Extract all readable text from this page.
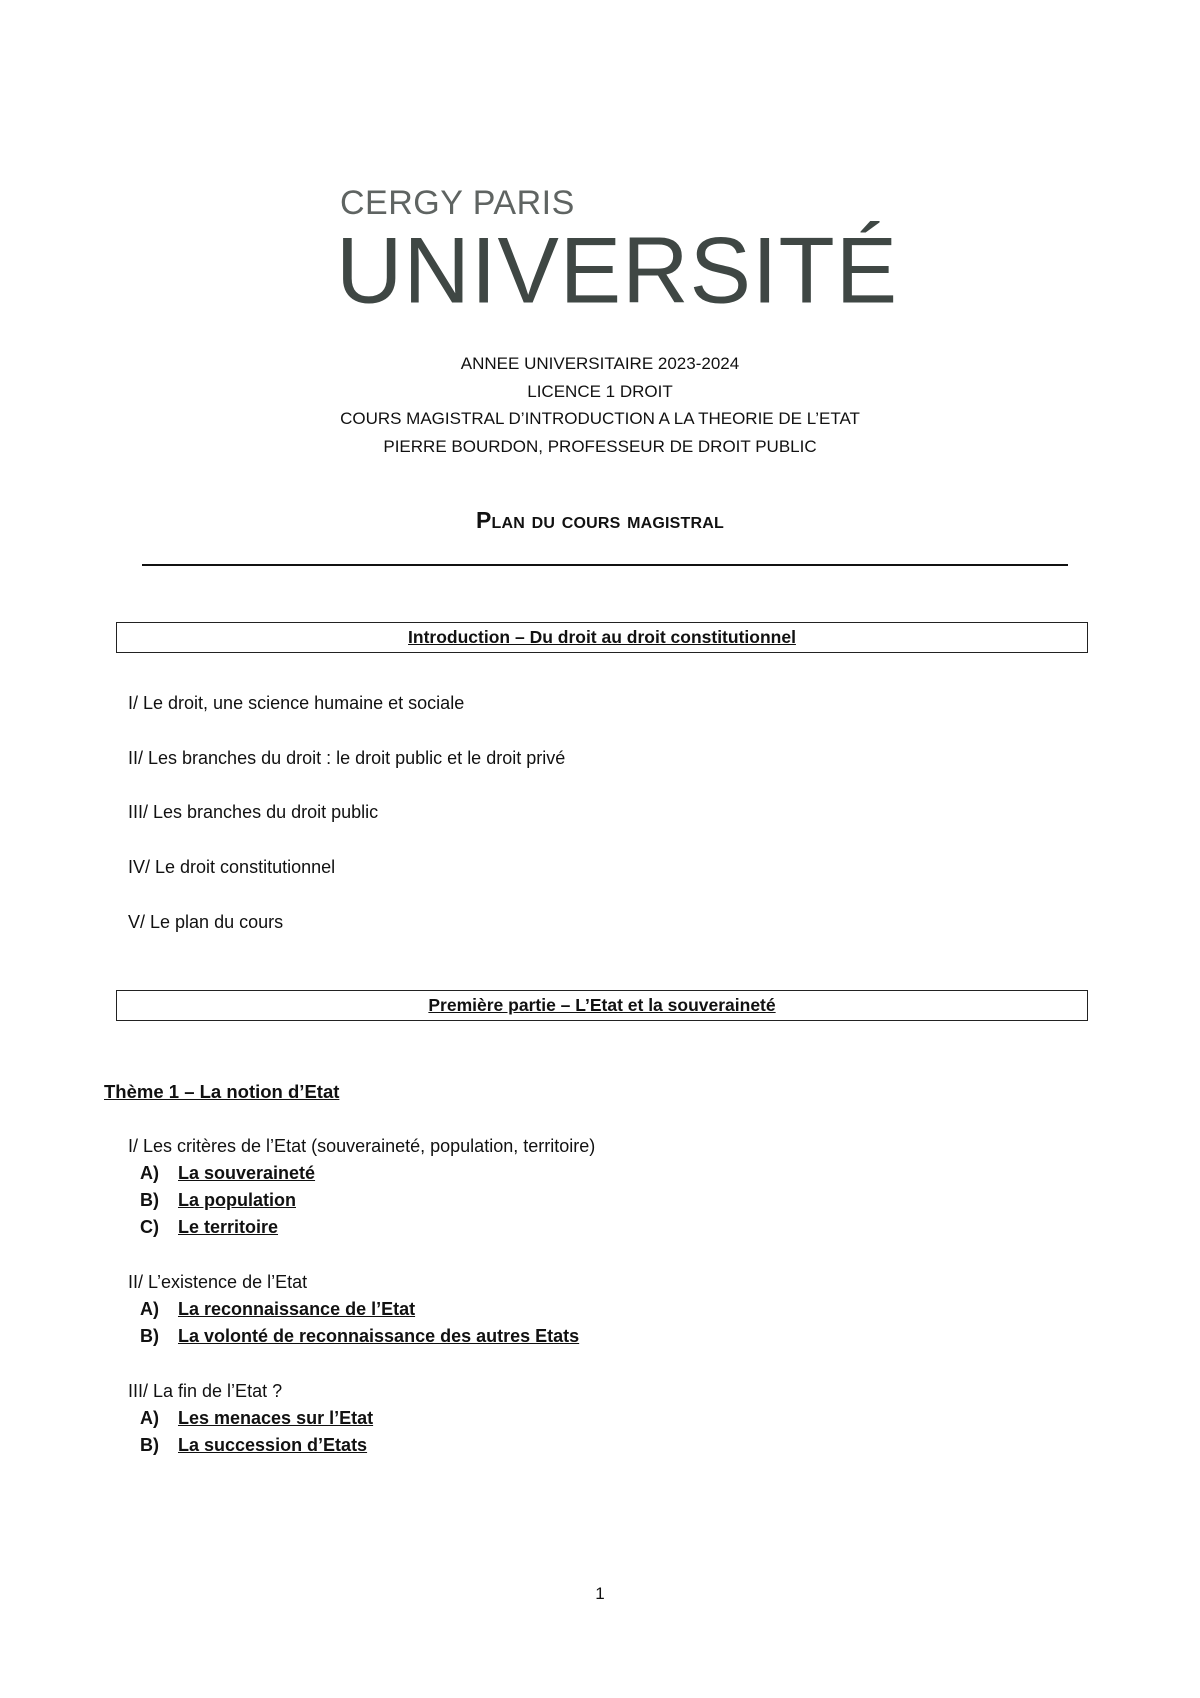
CERGY PARIS
UNIVERSITÉ
ANNEE UNIVERSITAIRE 2023-2024
LICENCE 1 DROIT
COURS MAGISTRAL D’INTRODUCTION A LA THEORIE DE L’ETAT
PIERRE BOURDON, PROFESSEUR DE DROIT PUBLIC
Plan du cours magistral
Introduction – Du droit au droit constitutionnel
I/ Le droit, une science humaine et sociale
II/ Les branches du droit : le droit public et le droit privé
III/ Les branches du droit public
IV/ Le droit constitutionnel
V/ Le plan du cours
Première partie – L’Etat et la souveraineté
Thème 1 – La notion d’Etat
I/ Les critères de l’Etat (souveraineté, population, territoire)
A) La souveraineté
B) La population
C) Le territoire
II/ L’existence de l’Etat
A) La reconnaissance de l’Etat
B) La volonté de reconnaissance des autres Etats
III/ La fin de l’Etat ?
A) Les menaces sur l’Etat
B) La succession d’Etats
1
